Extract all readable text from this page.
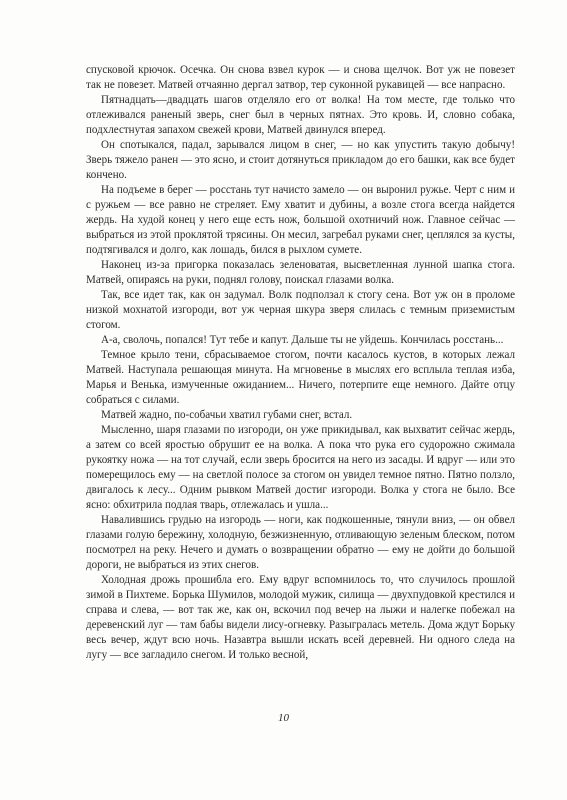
спусковой крючок. Осечка. Он снова взвел курок — и снова щелчок. Вот уж не повезет так не повезет. Матвей отчаянно дергал затвор, тер суконной рукавицей — все напрасно.

Пятнадцать—двадцать шагов отделяло его от волка! На том месте, где только что отлеживался раненый зверь, снег был в черных пятнах. Это кровь. И, словно собака, подхлестнутая запахом свежей крови, Матвей двинулся вперед.

Он спотыкался, падал, зарывался лицом в снег, — но как упустить такую добычу! Зверь тяжело ранен — это ясно, и стоит дотянуться прикладом до его башки, как все будет кончено.

На подъеме в берег — росстань тут начисто замело — он выронил ружье. Черт с ним и с ружьем — все равно не стреляет. Ему хватит и дубины, а возле стога всегда найдется жердь. На худой конец у него еще есть нож, большой охотничий нож. Главное сейчас — выбраться из этой проклятой трясины. Он месил, загребал руками снег, цеплялся за кусты, подтягивался и долго, как лошадь, бился в рыхлом сумете.

Наконец из-за пригорка показалась зеленоватая, высветленная лунной шапка стога. Матвей, опираясь на руки, поднял голову, поискал глазами волка.

Так, все идет так, как он задумал. Волк подползал к стогу сена. Вот уж он в проломе низкой мохнатой изгороди, вот уж черная шкура зверя слилась с темным приземистым стогом.

А-а, сволочь, попался! Тут тебе и капут. Дальше ты не уйдешь. Кончилась росстань...

Темное крыло тени, сбрасываемое стогом, почти касалось кустов, в которых лежал Матвей. Наступала решающая минута. На мгновенье в мыслях его всплыла теплая изба, Марья и Венька, измученные ожиданием... Ничего, потерпите еще немного. Дайте отцу собраться с силами.

Матвей жадно, по-собачьи хватил губами снег, встал.

Мысленно, шаря глазами по изгороди, он уже прикидывал, как выхватит сейчас жердь, а затем со всей яростью обрушит ее на волка. А пока что рука его судорожно сжимала рукоятку ножа — на тот случай, если зверь бросится на него из засады. И вдруг — или это померещилось ему — на светлой полосе за стогом он увидел темное пятно. Пятно ползло, двигалось к лесу... Одним рывком Матвей достиг изгороди. Волка у стога не было. Все ясно: обхитрила подлая тварь, отлежалась и ушла...

Навалившись грудью на изгородь — ноги, как подкошенные, тянули вниз, — он обвел глазами голую бережину, холодную, безжизненную, отливающую зеленым блеском, потом посмотрел на реку. Нечего и думать о возвращении обратно — ему не дойти до большой дороги, не выбраться из этих снегов.

Холодная дрожь прошибла его. Ему вдруг вспомнилось то, что случилось прошлой зимой в Пихтеме. Борька Шумилов, молодой мужик, силища — двухпудовкой крестился и справа и слева, — вот так же, как он, вскочил под вечер на лыжи и налегке побежал на деревенский луг — там бабы видели лису-огневку. Разыгралась метель. Дома ждут Борьку весь вечер, ждут всю ночь. Назавтра вышли искать всей деревней. Ни одного следа на лугу — все загладило снегом. И только весной,

10
